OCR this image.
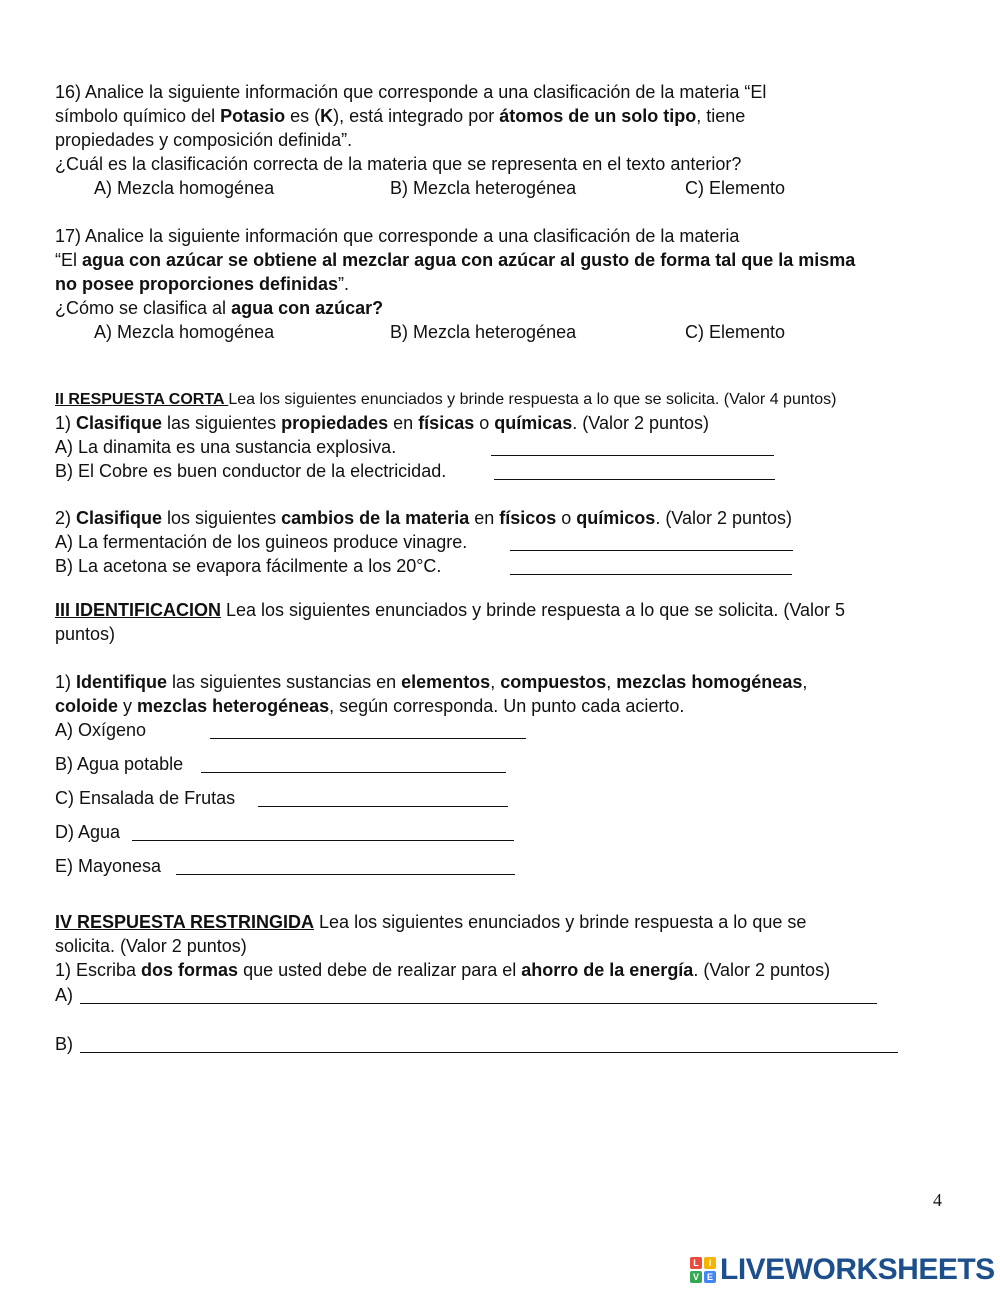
16) Analice la siguiente información que corresponde a una clasificación de la materia “El
símbolo químico del Potasio es (K), está integrado por átomos de un solo tipo, tiene
propiedades y composición definida”.
¿Cuál es la clasificación correcta de la materia que se representa en el texto anterior?
A) Mezcla homogénea	B) Mezcla heterogénea	C) Elemento
17) Analice la siguiente información que corresponde a una clasificación de la materia
“El agua con azúcar se obtiene al mezclar agua con azúcar al gusto de forma tal que la misma
no posee proporciones definidas”.
¿Cómo se clasifica al agua con azúcar?
A) Mezcla homogénea	B) Mezcla heterogénea	C) Elemento
II RESPUESTA CORTA Lea los siguientes enunciados y brinde respuesta a lo que se solicita. (Valor 4 puntos)
1) Clasifique las siguientes propiedades en físicas o químicas. (Valor 2 puntos)
A) La dinamita es una sustancia explosiva.
B) El Cobre es buen conductor de la electricidad.
2) Clasifique los siguientes cambios de la materia en físicos o químicos. (Valor 2 puntos)
A) La fermentación de los guineos produce vinagre.
B) La acetona se evapora fácilmente a los 20°C.
III IDENTIFICACION Lea los siguientes enunciados y brinde respuesta a lo que se solicita. (Valor 5
puntos)
1) Identifique las siguientes sustancias en elementos, compuestos, mezclas homogéneas,
coloide y mezclas heterogéneas, según corresponda. Un punto cada acierto.
A) Oxígeno
B) Agua potable
C) Ensalada de Frutas
D) Agua
E) Mayonesa
IV RESPUESTA RESTRINGIDA Lea los siguientes enunciados y brinde respuesta a lo que se
solicita. (Valor 2 puntos)
1) Escriba dos formas que usted debe de realizar para el ahorro de la energía. (Valor 2 puntos)
A)
B)
4
L	I
V E LIVEWORKSHEETS
